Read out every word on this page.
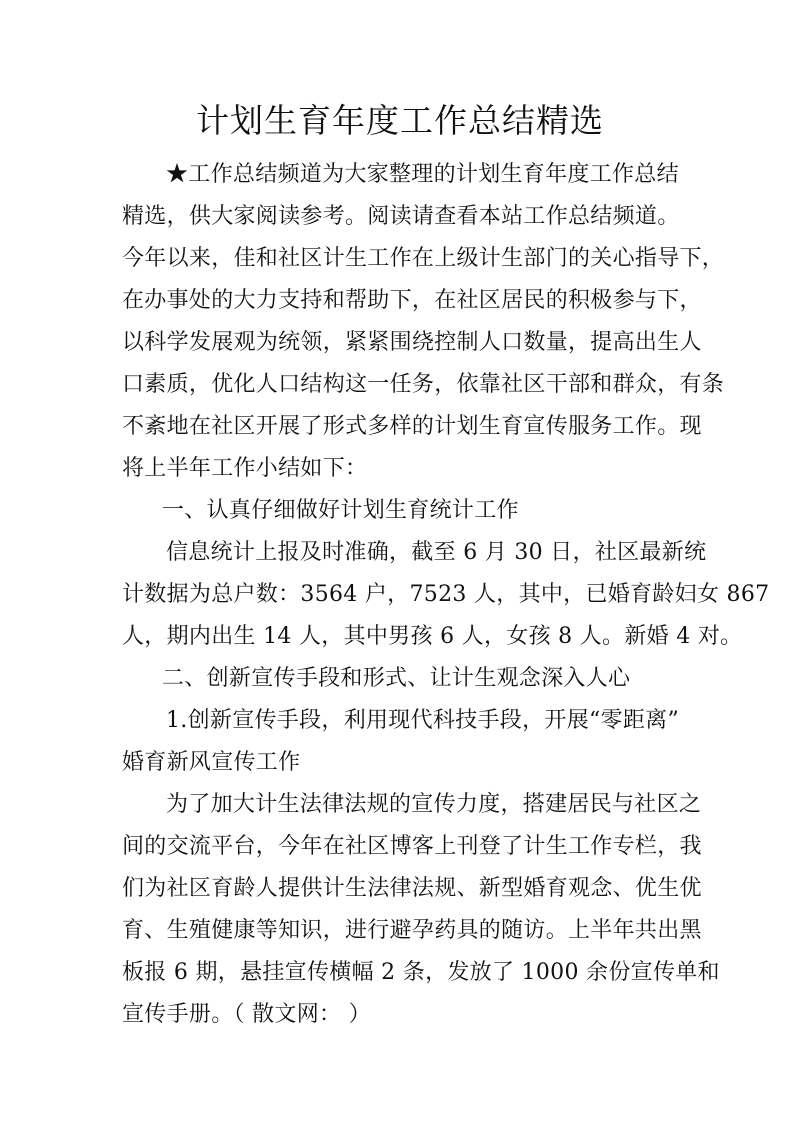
计划生育年度工作总结精选
★工作总结频道为大家整理的计划生育年度工作总结
精选，供大家阅读参考。阅读请查看本站工作总结频道。
今年以来，佳和社区计生工作在上级计生部门的关心指导下，
在办事处的大力支持和帮助下，在社区居民的积极参与下，
以科学发展观为统领，紧紧围绕控制人口数量，提高出生人
口素质，优化人口结构这一任务，依靠社区干部和群众，有条
不紊地在社区开展了形式多样的计划生育宣传服务工作。现
将上半年工作小结如下：
一、认真仔细做好计划生育统计工作
信息统计上报及时准确，截至 6 月 30 日，社区最新统
计数据为总户数：3564 户，7523 人，其中，已婚育龄妇女 867
人，期内出生 14 人，其中男孩 6 人，女孩 8 人。新婚 4 对。
二、创新宣传手段和形式、让计生观念深入人心
1.创新宣传手段，利用现代科技手段，开展“零距离”
婚育新风宣传工作
为了加大计生法律法规的宣传力度，搭建居民与社区之
间的交流平台，今年在社区博客上刊登了计生工作专栏，我
们为社区育龄人提供计生法律法规、新型婚育观念、优生优
育、生殖健康等知识，进行避孕药具的随访。上半年共出黑
板报 6 期，悬挂宣传横幅 2 条，发放了 1000 余份宣传单和
宣传手册。（ 散文网： ）
